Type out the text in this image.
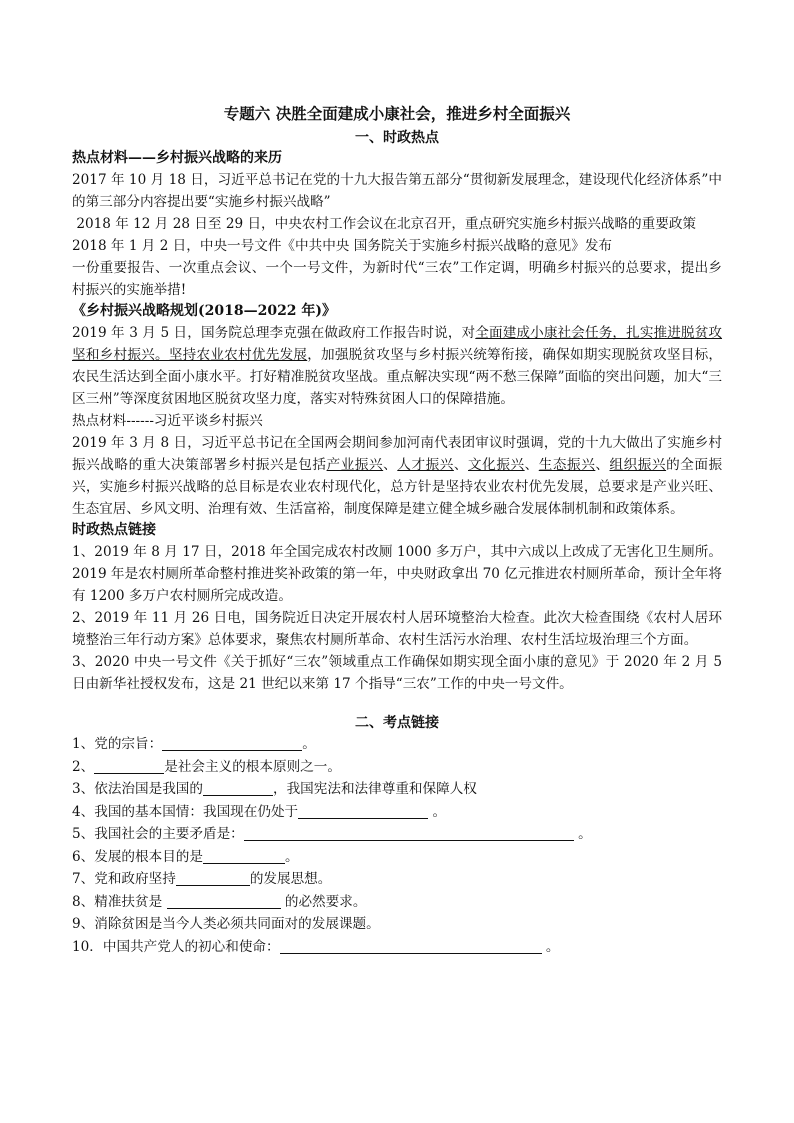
专题六 决胜全面建成小康社会，推进乡村全面振兴
一、时政热点
热点材料——乡村振兴战略的来历

2017 年 10 月 18 日，习近平总书记在党的十九大报告第五部分“贯彻新发展理念，建设现代化经济体系”中的第三部分内容提出要“实施乡村振兴战略”

2018 年 12 月 28 日至 29 日，中央农村工作会议在北京召开，重点研究实施乡村振兴战略的重要政策

2018 年 1 月 2 日，中央一号文件《中共中央 国务院关于实施乡村振兴战略的意见》发布

一份重要报告、一次重点会议、一个一号文件，为新时代“三农”工作定调，明确乡村振兴的总要求，提出乡村振兴的实施举措!

《乡村振兴战略规划(2018—2022 年)》

2019 年 3 月 5 日，国务院总理李克强在做政府工作报告时说，对全面建成小康社会任务，扎实推进脱贫攻坚和乡村振兴。坚持农业农村优先发展，加强脱贫攻坚与乡村振兴统筹衔接，确保如期实现脱贫攻坚目标，农民生活达到全面小康水平。打好精准脱贫攻坚战。重点解决实现“两不愁三保障”面临的突出问题，加大“三区三州”等深度贫困地区脱贫攻坚力度，落实对特殊贫困人口的保障措施。

热点材料------习近平谈乡村振兴

2019 年 3 月 8 日，习近平总书记在全国两会期间参加河南代表团审议时强调，党的十九大做出了实施乡村振兴战略的重大决策部署乡村振兴是包括产业振兴、人才振兴、文化振兴、生态振兴、组织振兴的全面振兴，实施乡村振兴战略的总目标是农业农村现代化，总方针是坚持农业农村优先发展，总要求是产业兴旺、生态宜居、乡风文明、治理有效、生活富裕，制度保障是建立健全城乡融合发展体制机制和政策体系。

时政热点链接

1、2019 年 8 月 17 日，2018 年全国完成农村改厕 1000 多万户，其中六成以上改成了无害化卫生厕所。2019 年是农村厕所革命整村推进奖补政策的第一年，中央财政拿出 70 亿元推进农村厕所革命，预计全年将有 1200 多万户农村厕所完成改造。

2、2019 年 11 月 26 日电，国务院近日决定开展农村人居环境整治大检查。此次大检查围绕《农村人居环境整治三年行动方案》总体要求，聚焦农村厕所革命、农村生活污水治理、农村生活垃圾治理三个方面。

3、2020 中央一号文件《关于抓好“三农”领域重点工作确保如期实现全面小康的意见》于 2020 年 2 月 5 日由新华社授权发布，这是 21 世纪以来第 17 个指导“三农”工作的中央一号文件。

二、考点链接
1、党的宗旨：	。
2、	是社会主义的根本原则之一。
3、依法治国是我国的	，我国宪法和法律尊重和保障人权
4、我国的基本国情：我国现在仍处于	。
5、我国社会的主要矛盾是：	。
6、发展的根本目的是	。
7、党和政府坚持	的发展思想。
8、精准扶贫是	的必然要求。
9、消除贫困是当今人类必须共同面对的发展课题。
10．中国共产党人的初心和使命：	。
